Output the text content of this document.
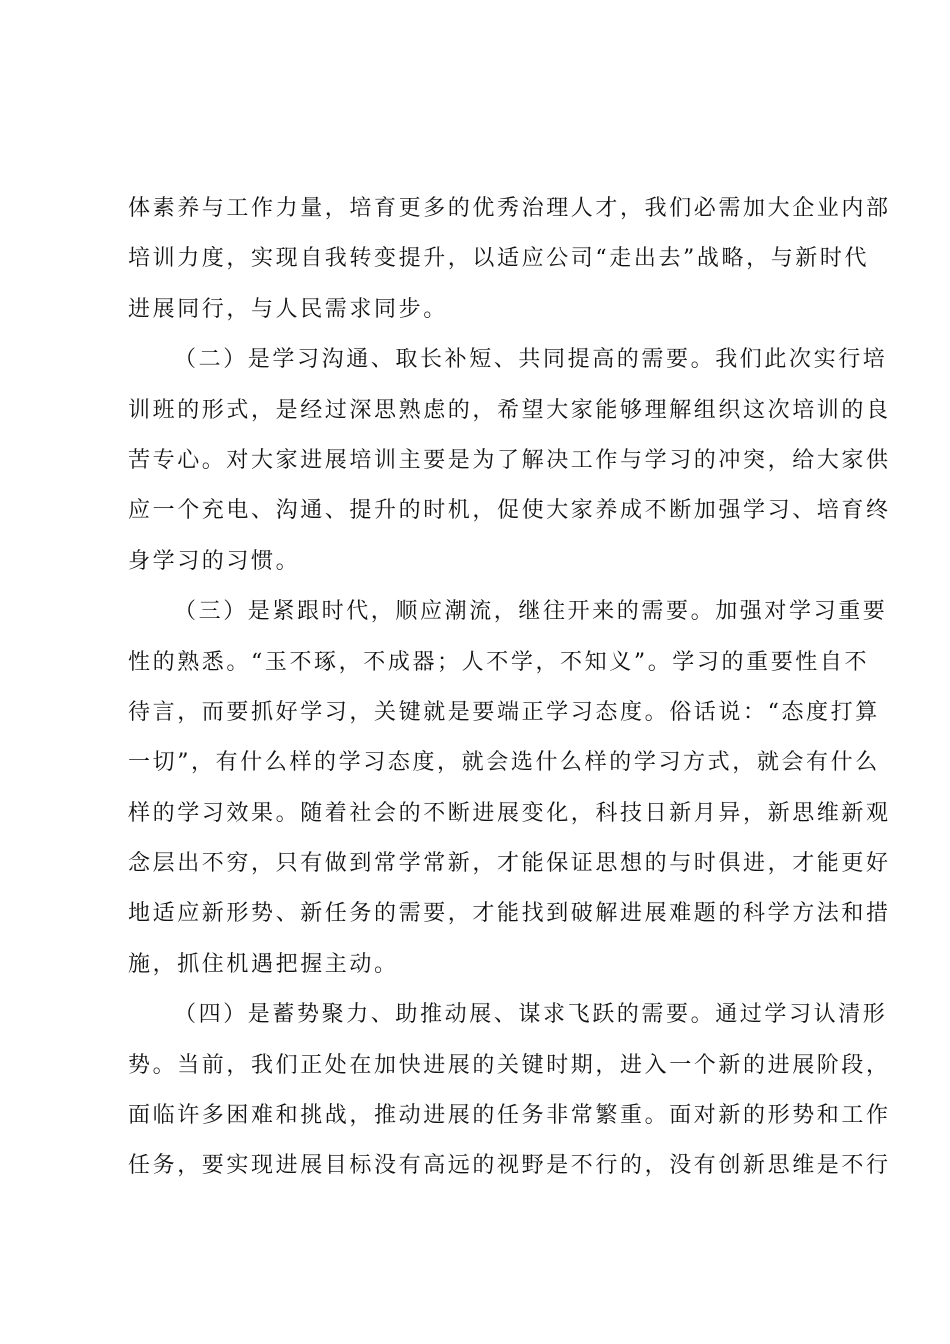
体素养与工作力量，培育更多的优秀治理人才，我们必需加大企业内部
培训力度，实现自我转变提升，以适应公司“走出去”战略，与新时代
进展同行，与人民需求同步。
（二）是学习沟通、取长补短、共同提高的需要。我们此次实行培
训班的形式，是经过深思熟虑的，希望大家能够理解组织这次培训的良
苦专心。对大家进展培训主要是为了解决工作与学习的冲突，给大家供
应一个充电、沟通、提升的时机，促使大家养成不断加强学习、培育终
身学习的习惯。
（三）是紧跟时代，顺应潮流，继往开来的需要。加强对学习重要
性的熟悉。“玉不琢，不成器；人不学，不知义”。学习的重要性自不
待言，而要抓好学习，关键就是要端正学习态度。俗话说：“态度打算
一切”，有什么样的学习态度，就会选什么样的学习方式，就会有什么
样的学习效果。随着社会的不断进展变化，科技日新月异，新思维新观
念层出不穷，只有做到常学常新，才能保证思想的与时俱进，才能更好
地适应新形势、新任务的需要，才能找到破解进展难题的科学方法和措
施，抓住机遇把握主动。
（四）是蓄势聚力、助推动展、谋求飞跃的需要。通过学习认清形
势。当前，我们正处在加快进展的关键时期，进入一个新的进展阶段，
面临许多困难和挑战，推动进展的任务非常繁重。面对新的形势和工作
任务，要实现进展目标没有高远的视野是不行的，没有创新思维是不行
